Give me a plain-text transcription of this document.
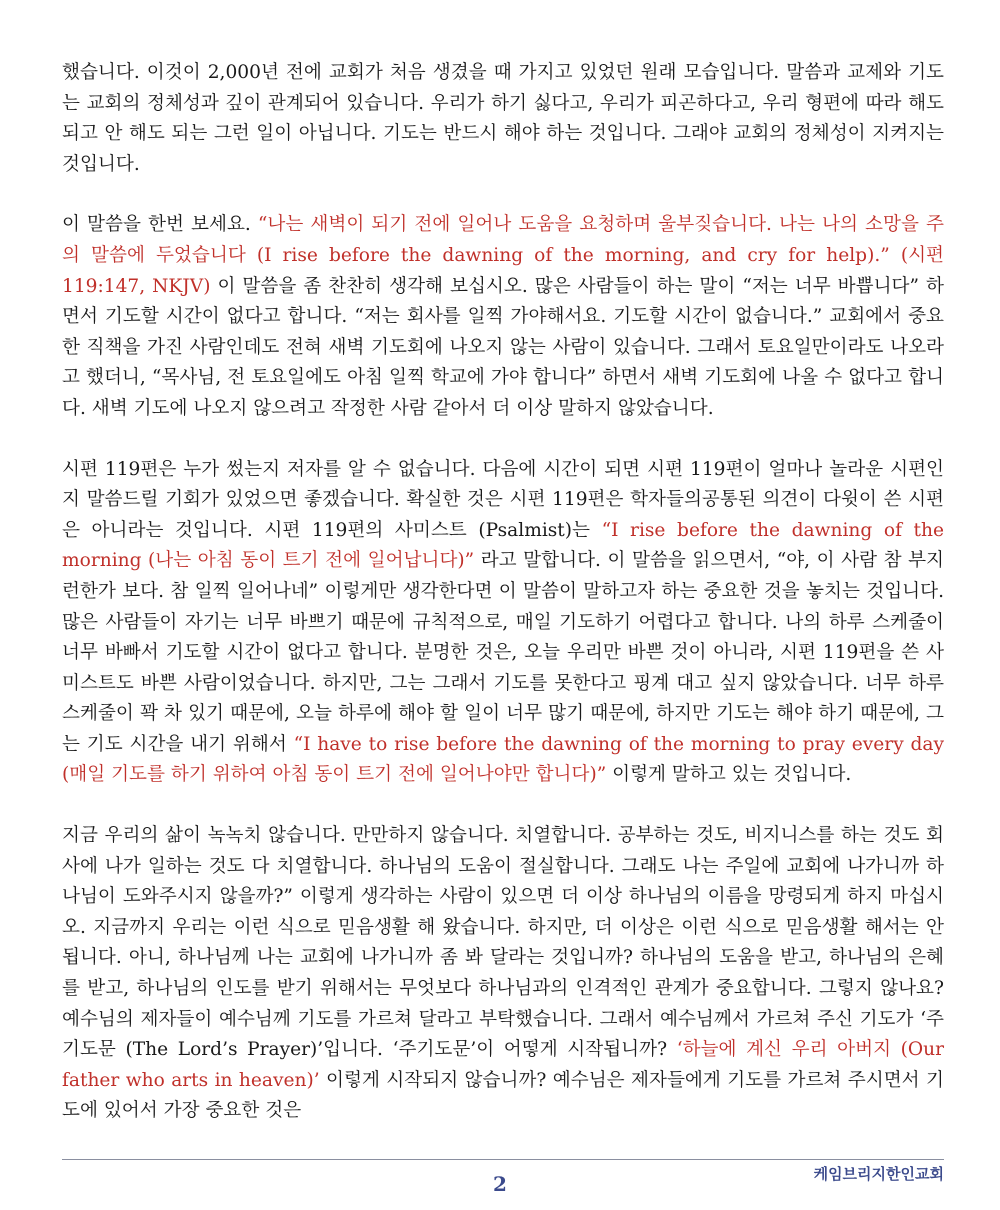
했습니다. 이것이 2,000년 전에 교회가 처음 생겼을 때 가지고 있었던 원래 모습입니다. 말씀과 교제와 기도는 교회의 정체성과 깊이 관계되어 있습니다. 우리가 하기 싫다고, 우리가 피곤하다고, 우리 형편에 따라 해도 되고 안 해도 되는 그런 일이 아닙니다. 기도는 반드시 해야 하는 것입니다. 그래야 교회의 정체성이 지켜지는 것입니다.

이 말씀을 한번 보세요. “나는 새벽이 되기 전에 일어나 도움을 요청하며 울부짖습니다. 나는 나의 소망을 주의 말씀에 두었습니다 (I rise before the dawning of the morning, and cry for help).” (시편 119:147, NKJV) 이 말씀을 좀 찬찬히 생각해 보십시오. 많은 사람들이 하는 말이 “저는 너무 바쁩니다” 하면서 기도할 시간이 없다고 합니다. “저는 회사를 일찍 가야해서요. 기도할 시간이 없습니다.” 교회에서 중요한 직책을 가진 사람인데도 전혀 새벽 기도회에 나오지 않는 사람이 있습니다. 그래서 토요일만이라도 나오라고 했더니, “목사님, 전 토요일에도 아침 일찍 학교에 가야 합니다” 하면서 새벽 기도회에 나올 수 없다고 합니다. 새벽 기도에 나오지 않으려고 작정한 사람 같아서 더 이상 말하지 않았습니다.

시편 119편은 누가 썼는지 저자를 알 수 없습니다. 다음에 시간이 되면 시편 119편이 얼마나 놀라운 시편인지 말씀드릴 기회가 있었으면 좋겠습니다. 확실한 것은 시편 119편은 학자들의공통된 의견이 다윗이 쓴 시편은 아니라는 것입니다. 시편 119편의 사미스트 (Psalmist)는 “I rise before the dawning of the morning (나는 아침 동이 트기 전에 일어납니다)” 라고 말합니다. 이 말씀을 읽으면서, “야, 이 사람 참 부지런한가 보다. 참 일찍 일어나네” 이렇게만 생각한다면 이 말씀이 말하고자 하는 중요한 것을 놓치는 것입니다. 많은 사람들이 자기는 너무 바쁘기 때문에 규칙적으로, 매일 기도하기 어렵다고 합니다. 나의 하루 스케줄이 너무 바빠서 기도할 시간이 없다고 합니다. 분명한 것은, 오늘 우리만 바쁜 것이 아니라, 시편 119편을 쓴 사미스트도 바쁜 사람이었습니다. 하지만, 그는 그래서 기도를 못한다고 핑계 대고 싶지 않았습니다. 너무 하루 스케줄이 꽉 차 있기 때문에, 오늘 하루에 해야 할 일이 너무 많기 때문에, 하지만 기도는 해야 하기 때문에, 그는 기도 시간을 내기 위해서 “I have to rise before the dawning of the morning to pray every day (매일 기도를 하기 위하여 아침 동이 트기 전에 일어나야만 합니다)” 이렇게 말하고 있는 것입니다.

지금 우리의 삶이 녹녹치 않습니다. 만만하지 않습니다. 치열합니다. 공부하는 것도, 비지니스를 하는 것도 회사에 나가 일하는 것도 다 치열합니다. 하나님의 도움이 절실합니다. 그래도 나는 주일에 교회에 나가니까 하나님이 도와주시지 않을까?” 이렇게 생각하는 사람이 있으면 더 이상 하나님의 이름을 망령되게 하지 마십시오. 지금까지 우리는 이런 식으로 믿음생활 해 왔습니다. 하지만, 더 이상은 이런 식으로 믿음생활 해서는 안 됩니다. 아니, 하나님께 나는 교회에 나가니까 좀 봐 달라는 것입니까? 하나님의 도움을 받고, 하나님의 은혜를 받고, 하나님의 인도를 받기 위해서는 무엇보다 하나님과의 인격적인 관계가 중요합니다. 그렇지 않나요? 예수님의 제자들이 예수님께 기도를 가르쳐 달라고 부탁했습니다. 그래서 예수님께서 가르쳐 주신 기도가 ‘주기도문 (The Lord’s Prayer)’입니다. ‘주기도문’이 어떻게 시작됩니까? ‘하늘에 계신 우리 아버지 (Our father who arts in heaven)’ 이렇게 시작되지 않습니까? 예수님은 제자들에게 기도를 가르쳐 주시면서 기도에 있어서 가장 중요한 것은

케임브리지한인교회
2
